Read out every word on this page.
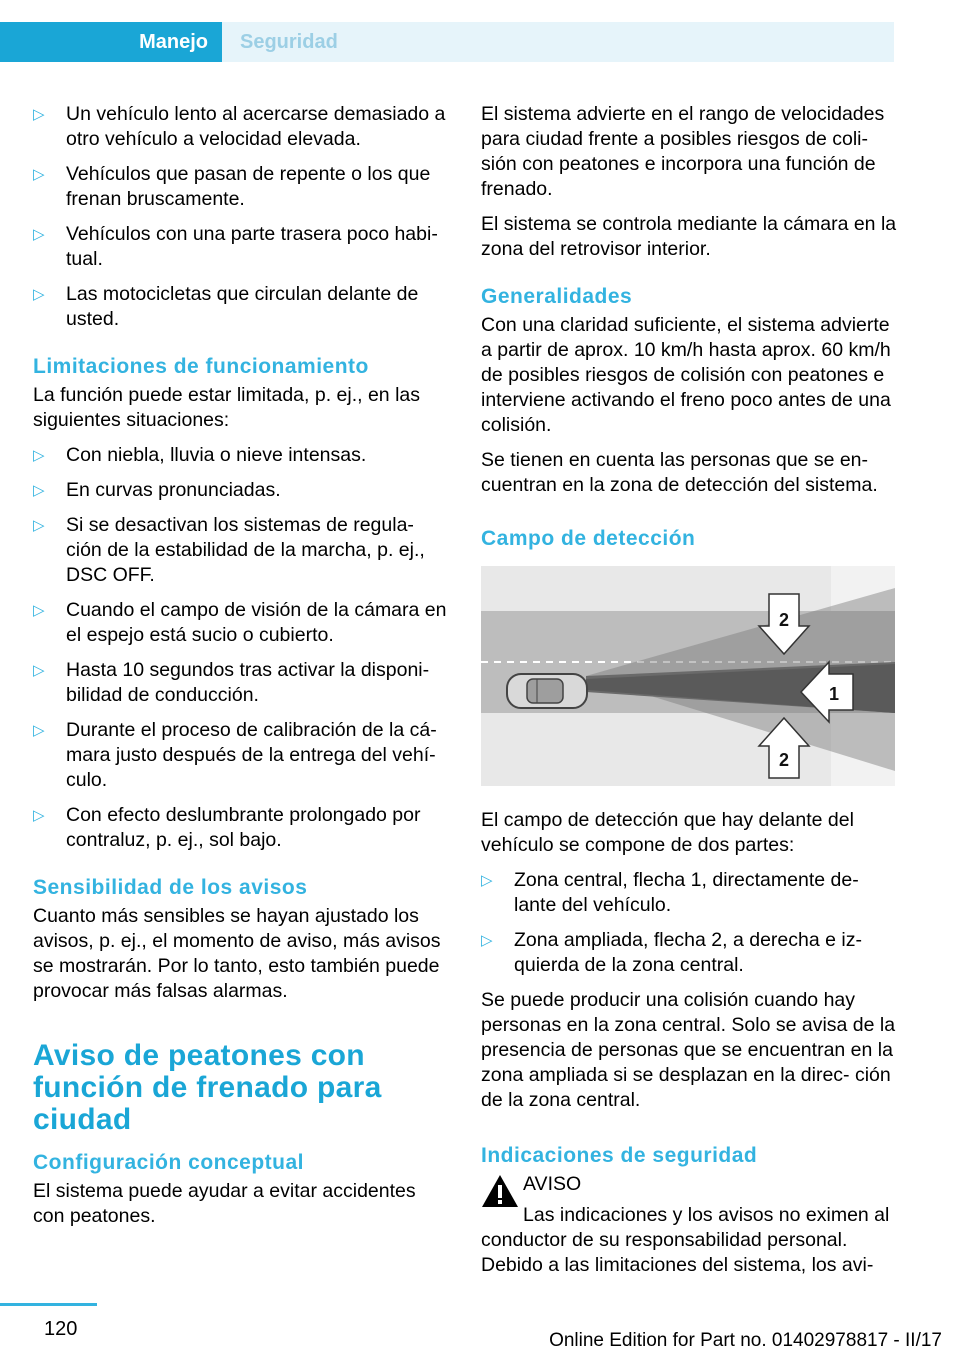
Manejo	Seguridad
▷ Un vehículo lento al acercarse demasiado a otro vehículo a velocidad elevada.
▷ Vehículos que pasan de repente o los que frenan bruscamente.
▷ Vehículos con una parte trasera poco habi‐ tual.
▷ Las motocicletas que circulan delante de usted.
Limitaciones de funcionamiento

La función puede estar limitada, p. ej., en las siguientes situaciones:

▷ Con niebla, lluvia o nieve intensas.
▷ En curvas pronunciadas.
▷ Si se desactivan los sistemas de regula‐ ción de la estabilidad de la marcha, p. ej., DSC OFF.
▷ Cuando el campo de visión de la cámara en el espejo está sucio o cubierto.
▷ Hasta 10 segundos tras activar la disponi‐ bilidad de conducción.
▷ Durante el proceso de calibración de la cá‐ mara justo después de la entrega del vehí‐ culo.
▷ Con efecto deslumbrante prolongado por contraluz, p. ej., sol bajo.
Sensibilidad de los avisos

Cuanto más sensibles se hayan ajustado los avisos, p. ej., el momento de aviso, más avisos se mostrarán. Por lo tanto, esto también puede provocar más falsas alarmas.

Aviso de peatones con función de frenado para ciudad
Configuración conceptual

El sistema puede ayudar a evitar accidentes con peatones.

El sistema advierte en el rango de velocidades para ciudad frente a posibles riesgos de coli‐ sión con peatones e incorpora una función de frenado.

El sistema se controla mediante la cámara en la zona del retrovisor interior.

Generalidades

Con una claridad suficiente, el sistema advierte a partir de aprox. 10 km/h hasta aprox. 60 km/h de posibles riesgos de colisión con peatones e interviene activando el freno poco antes de una colisión.

Se tienen en cuenta las personas que se en‐ cuentran en la zona de detección del sistema.

Campo de detección
2
1
2

El campo de detección que hay delante del vehículo se compone de dos partes:

▷ Zona central, flecha 1, directamente de‐ lante del vehículo.
▷ Zona ampliada, flecha 2, a derecha e iz‐ quierda de la zona central.

Se puede producir una colisión cuando hay personas en la zona central. Solo se avisa de la presencia de personas que se encuentran en la zona ampliada si se desplazan en la direc‐ ción de la zona central.

Indicaciones de seguridad
AVISO

Las indicaciones y los avisos no eximen al conductor de su responsabilidad personal. Debido a las limitaciones del sistema, los avi‐

120
Online Edition for Part no. 01402978817 - II/17
